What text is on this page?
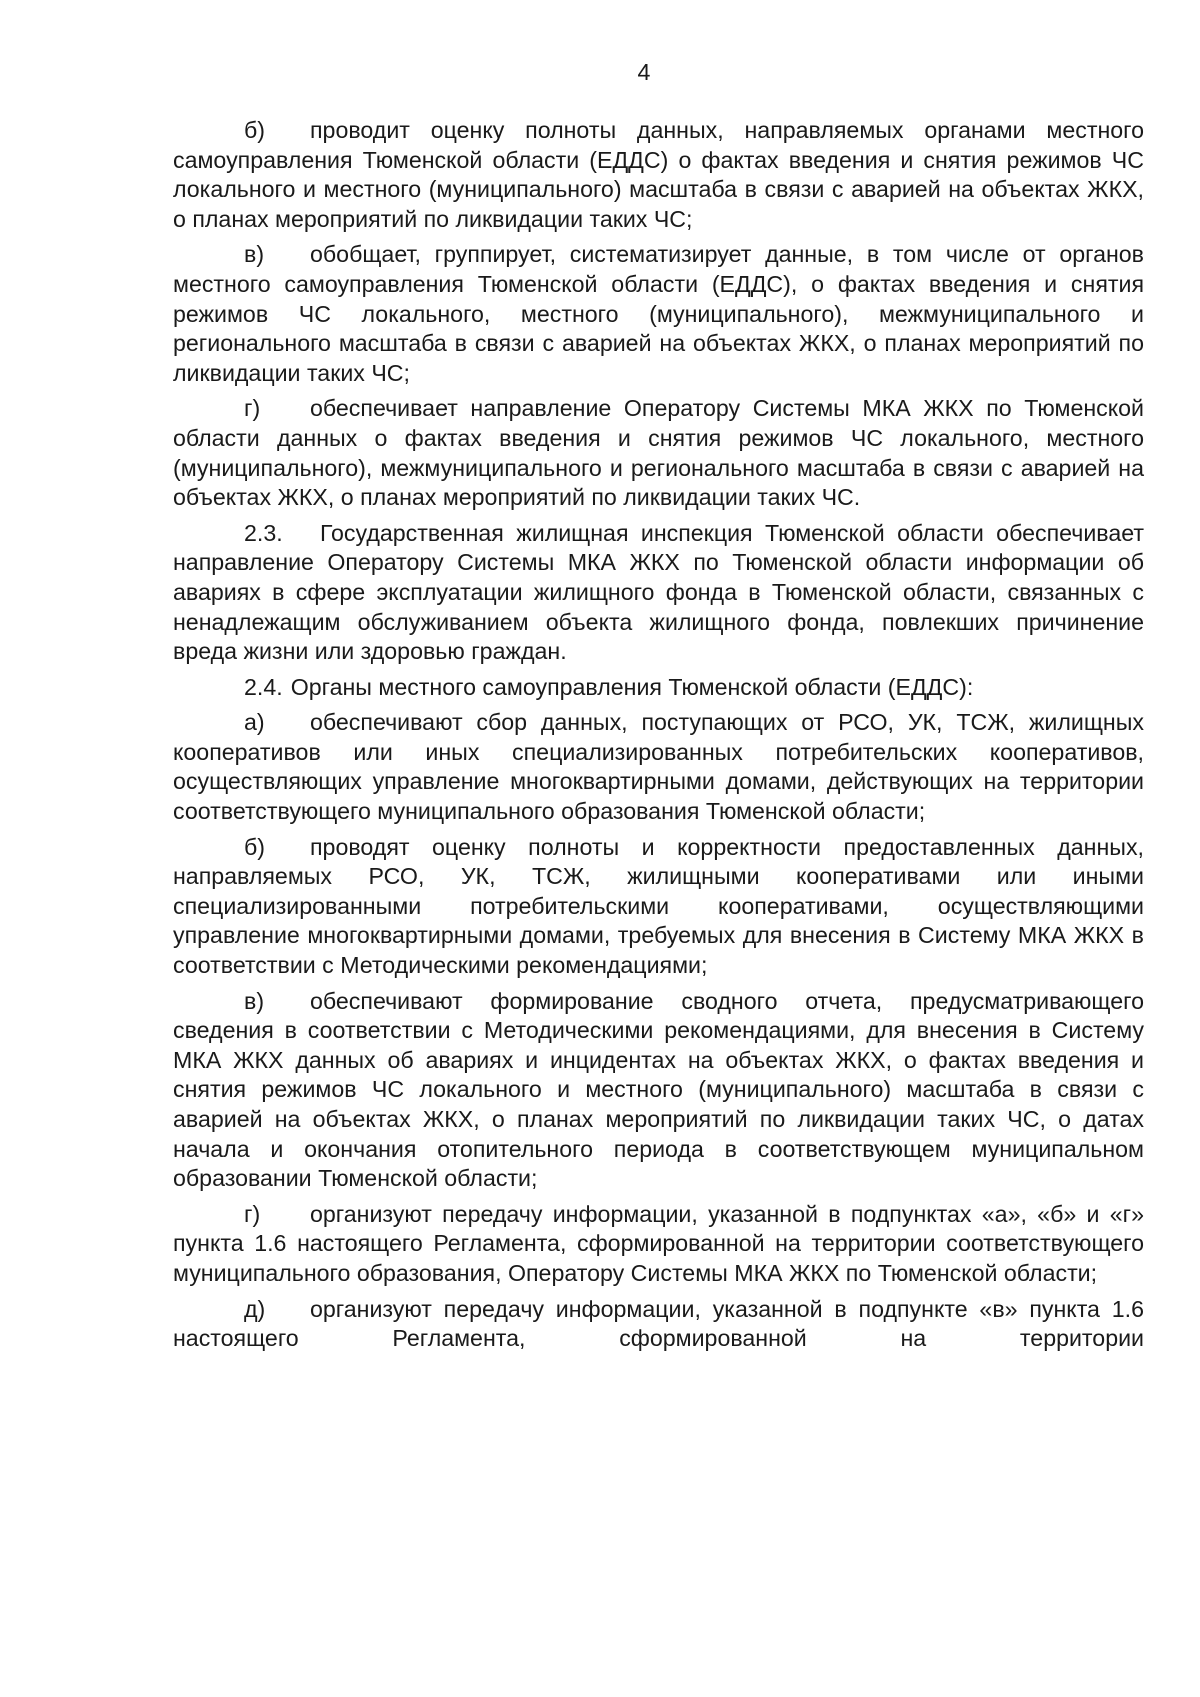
4

б) проводит оценку полноты данных, направляемых органами местного самоуправления Тюменской области (ЕДДС) о фактах введения и снятия режимов ЧС локального и местного (муниципального) масштаба в связи с аварией на объектах ЖКХ, о планах мероприятий по ликвидации таких ЧС;

в) обобщает, группирует, систематизирует данные, в том числе от органов местного самоуправления Тюменской области (ЕДДС), о фактах введения и снятия режимов ЧС локального, местного (муниципального), межмуниципального и регионального масштаба в связи с аварией на объектах ЖКХ, о планах мероприятий по ликвидации таких ЧС;

г) обеспечивает направление Оператору Системы МКА ЖКХ по Тюменской области данных о фактах введения и снятия режимов ЧС локального, местного (муниципального), межмуниципального и регионального масштаба в связи с аварией на объектах ЖКХ, о планах мероприятий по ликвидации таких ЧС.

2.3. Государственная жилищная инспекция Тюменской области обеспечивает направление Оператору Системы МКА ЖКХ по Тюменской области информации об авариях в сфере эксплуатации жилищного фонда в Тюменской области, связанных с ненадлежащим обслуживанием объекта жилищного фонда, повлекших причинение вреда жизни или здоровью граждан.

2.4. Органы местного самоуправления Тюменской области (ЕДДС):

а) обеспечивают сбор данных, поступающих от РСО, УК, ТСЖ, жилищных кооперативов или иных специализированных потребительских кооперативов, осуществляющих управление многоквартирными домами, действующих на территории соответствующего муниципального образования Тюменской области;

б) проводят оценку полноты и корректности предоставленных данных, направляемых РСО, УК, ТСЖ, жилищными кооперативами или иными специализированными потребительскими кооперативами, осуществляющими управление многоквартирными домами, требуемых для внесения в Систему МКА ЖКХ в соответствии с Методическими рекомендациями;

в) обеспечивают формирование сводного отчета, предусматривающего сведения в соответствии с Методическими рекомендациями, для внесения в Систему МКА ЖКХ данных об авариях и инцидентах на объектах ЖКХ, о фактах введения и снятия режимов ЧС локального и местного (муниципального) масштаба в связи с аварией на объектах ЖКХ, о планах мероприятий по ликвидации таких ЧС, о датах начала и окончания отопительного периода в соответствующем муниципальном образовании Тюменской области;

г) организуют передачу информации, указанной в подпунктах «а», «б» и «г» пункта 1.6 настоящего Регламента, сформированной на территории соответствующего муниципального образования, Оператору Системы МКА ЖКХ по Тюменской области;

д) организуют передачу информации, указанной в подпункте «в» пункта 1.6 настоящего Регламента, сформированной на территории
